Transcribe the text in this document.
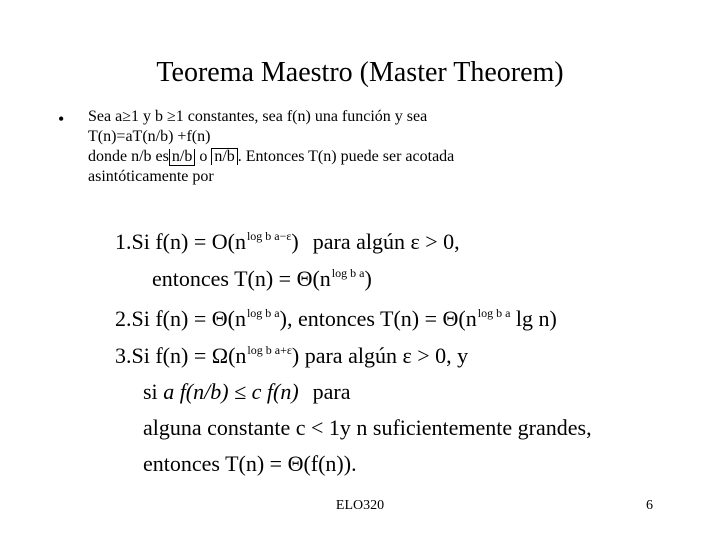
Teorema Maestro (Master Theorem)
• Sea a≥1 y b ≥1 constantes, sea f(n) una función y sea
T(n)=aT(n/b) +f(n)
donde n/b es n/b o n/b . Entonces T(n) puede ser acotada
asintóticamente por
1.Si $f(n) = O(n^{log b a-\varepsilon})$ para algún ε > 0,
entonces $T(n) = \Theta(n^{log b a})$
2.Si $f(n) = \Theta(n^{log b a})$, entonces $T(n) = \Theta(n^{log b a}$ lg n)
3.Si $f(n) = \Omega(n^{log b a+\varepsilon})$ para algún ε > 0, y
si a f(n/b) ≤ c f(n) para
alguna constante c < 1y n suficientemente grandes,
entonces T(n) = Θ(f(n)).
ELO320	6
